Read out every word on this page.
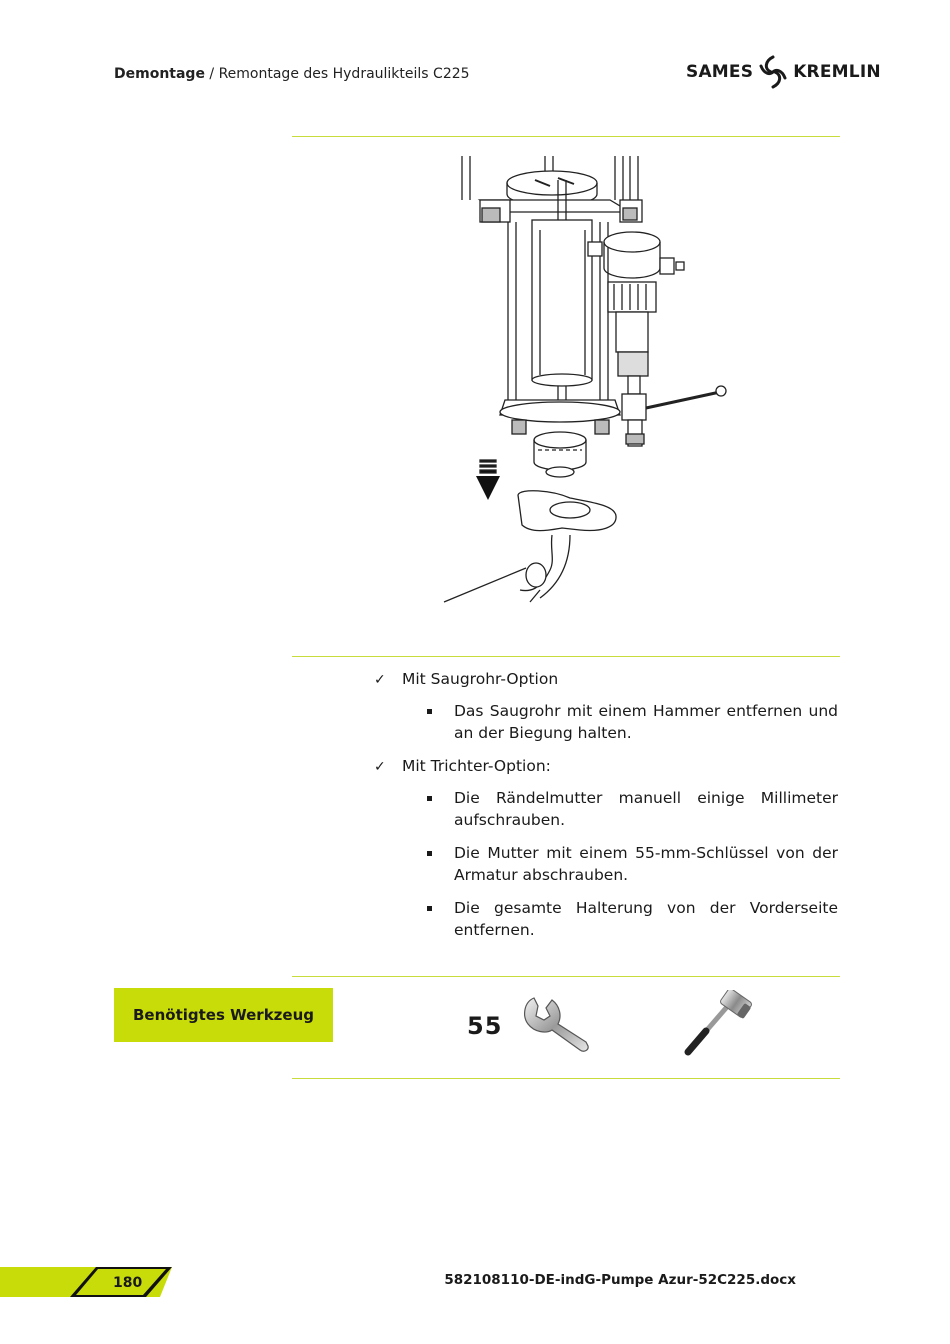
Demontage / Remontage des Hydraulikteils C225	SAMES KREMLIN
✓ Mit Saugrohr-Option
Das Saugrohr mit einem Hammer entfernen und an der Biegung halten.
✓ Mit Trichter-Option:
Die Rändelmutter manuell einige Millimeter aufschrauben.
Die Mutter mit einem 55-mm-Schlüssel von der Armatur abschrauben.
Die gesamte Halterung von der Vorderseite entfernen.
Benötigtes Werkzeug	55
180	582108110-DE-indG-Pumpe Azur-52C225.docx
